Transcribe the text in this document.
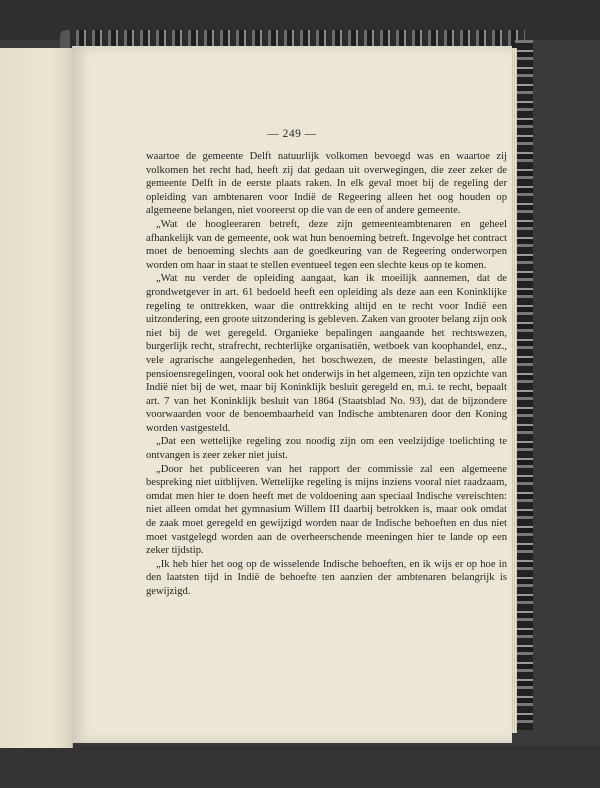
— 249 —

waartoe de gemeente Delft natuurlijk volkomen bevoegd was en waartoe zij volkomen het recht had, heeft zij dat gedaan uit overwegingen, die zeer zeker de gemeente Delft in de eerste plaats raken. In elk geval moet bij de regeling der opleiding van ambtenaren voor Indië de Regeering alleen het oog houden op algemeene belangen, niet vooreerst op die van de een of andere gemeente.

„Wat de hoogleeraren betreft, deze zijn gemeenteambtenaren en geheel afhankelijk van de gemeente, ook wat hun benoeming betreft. Ingevolge het contract moet de benoeming slechts aan de goedkeuring van de Regeering onderworpen worden om haar in staat te stellen eventueel tegen een slechte keus op te komen.

„Wat nu verder de opleiding aangaat, kan ik moeilijk aannemen, dat de grondwetgever in art. 61 bedoeld heeft een opleiding als deze aan een Koninklijke regeling te onttrekken, waar die onttrekking altijd en te recht voor Indië een uitzondering, een groote uitzondering is gebleven. Zaken van grooter belang zijn ook niet bij de wet geregeld. Organieke bepalingen aangaande het rechtswezen, burgerlijk recht, strafrecht, rechterlijke organisatiën, wetboek van koophandel, enz., vele agrarische aangelegenheden, het boschwezen, de meeste belastingen, alle pensioensregelingen, vooral ook het onderwijs in het algemeen, zijn ten opzichte van Indië niet bij de wet, maar bij Koninklijk besluit geregeld en, m.i. te recht, bepaalt art. 7 van het Koninklijk besluit van 1864 (Staatsblad No. 93), dat de bijzondere voorwaarden voor de benoembaarheid van Indische ambtenaren door den Koning worden vastgesteld.

„Dat een wettelijke regeling zou noodig zijn om een veelzijdige toelichting te ontvangen is zeer zeker niet juist.

„Door het publiceeren van het rapport der commissie zal een algemeene bespreking niet uitblijven. Wettelijke regeling is mijns inziens vooral niet raadzaam, omdat men hier te doen heeft met de voldoening aan speciaal Indische vereischten: niet alleen omdat het gymnasium Willem III daarbij betrokken is, maar ook omdat de zaak moet geregeld en gewijzigd worden naar de Indische behoeften en dus niet moet vastgelegd worden aan de overheerschende meeningen hier te lande op een zeker tijdstip.

„Ik heb hier het oog op de wisselende Indische behoeften, en ik wijs er op hoe in den laatsten tijd in Indië de behoefte ten aanzien der ambtenaren belangrijk is gewijzigd.
